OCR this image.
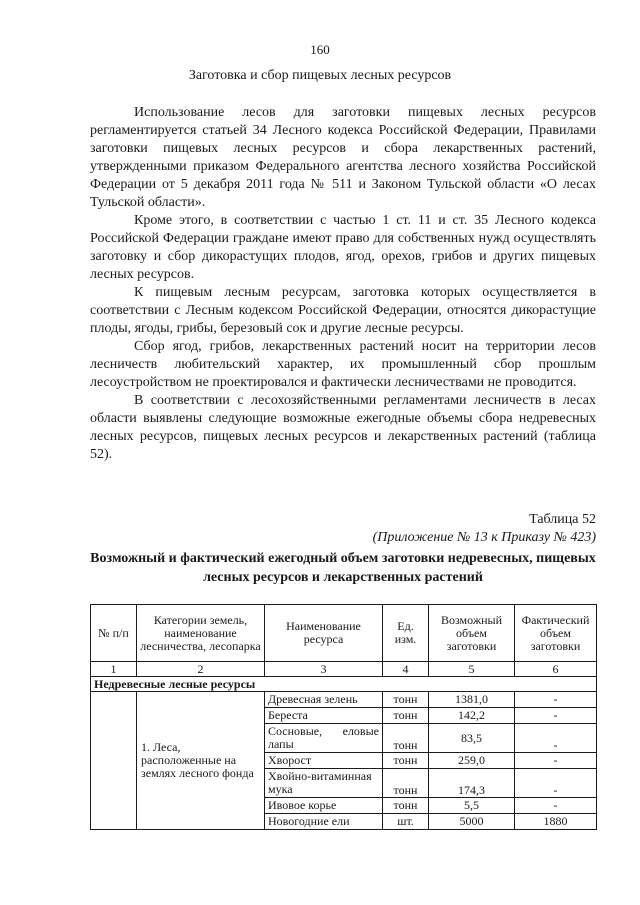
160
Заготовка и сбор пищевых лесных ресурсов

Использование лесов для заготовки пищевых лесных ресурсов регламентируется статьей 34 Лесного кодекса Российской Федерации, Правилами заготовки пищевых лесных ресурсов и сбора лекарственных растений, утвержденными приказом Федерального агентства лесного хозяйства Российской Федерации от 5 декабря 2011 года № 511 и Законом Тульской области «О лесах Тульской области».

Кроме этого, в соответствии с частью 1 ст. 11 и ст. 35 Лесного кодекса Российской Федерации граждане имеют право для собственных нужд осуществлять заготовку и сбор дикорастущих плодов, ягод, орехов, грибов и других пищевых лесных ресурсов.

К пищевым лесным ресурсам, заготовка которых осуществляется в соответствии с Лесным кодексом Российской Федерации, относятся дикорастущие плоды, ягоды, грибы, березовый сок и другие лесные ресурсы.

Сбор ягод, грибов, лекарственных растений носит на территории лесов лесничеств любительский характер, их промышленный сбор прошлым лесоустройством не проектировался и фактически лесничествами не проводится.

В соответствии с лесохозяйственными регламентами лесничеств в лесах области выявлены следующие возможные ежегодные объемы сбора недревесных лесных ресурсов, пищевых лесных ресурсов и лекарственных растений (таблица 52).

Таблица 52
(Приложение № 13 к Приказу № 423)
Возможный и фактический ежегодный объем заготовки недревесных, пищевых лесных ресурсов и лекарственных растений
№ п/п	Категории земель, наименование лесничества, лесопарка	Наименование ресурса	Ед. изм.	Возможный объем заготовки	Фактический объем заготовки
1	2	3	4	5	6
Недревесные лесные ресурсы					
	1. Леса, расположенные на землях лесного фонда	Древесная зелень	тонн	1381,0	-
		Береста	тонн	142,2	-
		Сосновые, еловые лапы	тонн	83,5	-
		Хворост	тонн	259,0	-
		Хвойно-витаминная мука	тонн	174,3	-
		Ивовое корье	тонн	5,5	-
		Новогодние ели	шт.	5000	1880
